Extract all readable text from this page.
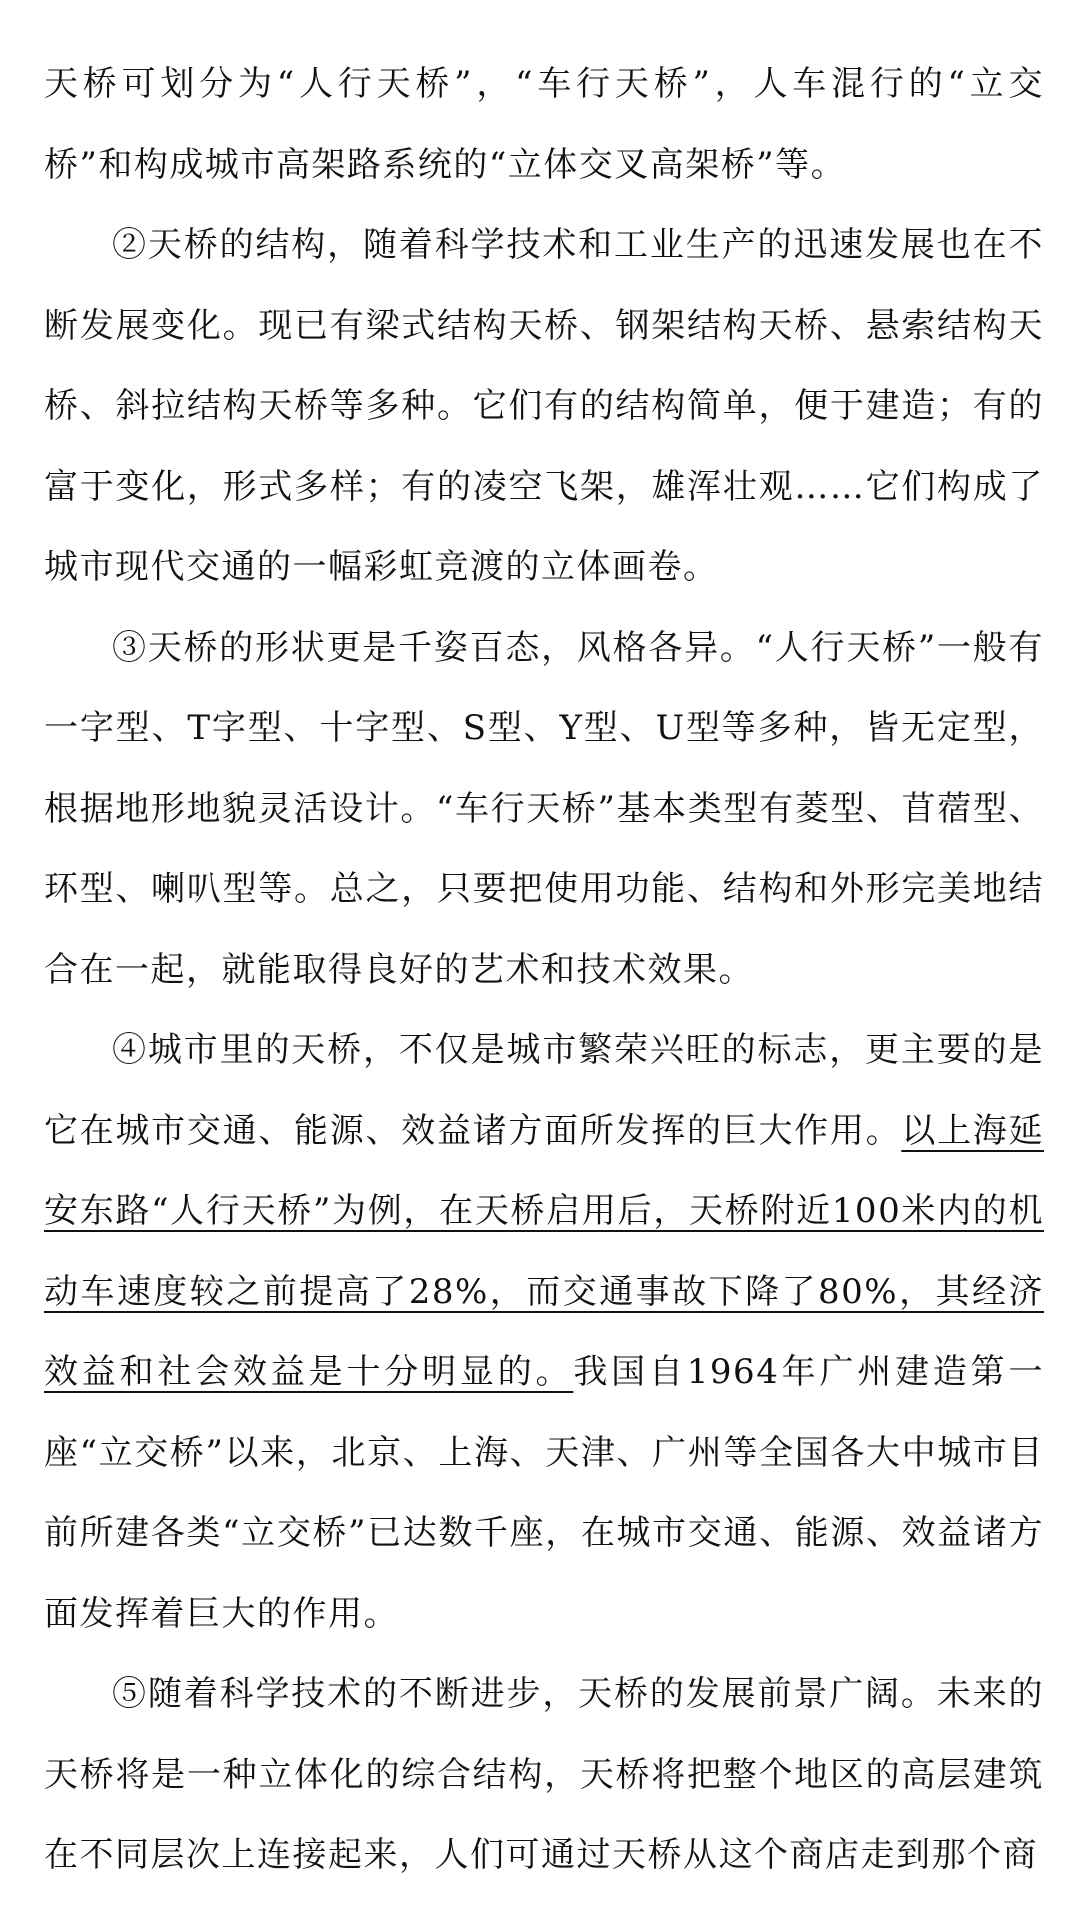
天桥可划分为“人行天桥”，“车行天桥”，人车混行的“立交桥”和构成城市高架路系统的“立体交叉高架桥”等。

②天桥的结构，随着科学技术和工业生产的迅速发展也在不断发展变化。现已有梁式结构天桥、钢架结构天桥、悬索结构天桥、斜拉结构天桥等多种。它们有的结构简单，便于建造；有的富于变化，形式多样；有的凌空飞架，雄浑壮观……它们构成了城市现代交通的一幅彩虹竞渡的立体画卷。

③天桥的形状更是千姿百态，风格各异。“人行天桥”一般有一字型、T字型、十字型、S型、Y型、U型等多种，皆无定型，根据地形地貌灵活设计。“车行天桥”基本类型有菱型、苜蓿型、环型、喇叭型等。总之，只要把使用功能、结构和外形完美地结合在一起，就能取得良好的艺术和技术效果。

④城市里的天桥，不仅是城市繁荣兴旺的标志，更主要的是它在城市交通、能源、效益诸方面所发挥的巨大作用。以上海延安东路“人行天桥”为例，在天桥启用后，天桥附近100米内的机动车速度较之前提高了28%，而交通事故下降了80%，其经济效益和社会效益是十分明显的。我国自1964年广州建造第一座“立交桥”以来，北京、上海、天津、广州等全国各大中城市目前所建各类“立交桥”已达数千座，在城市交通、能源、效益诸方面发挥着巨大的作用。

⑤随着科学技术的不断进步，天桥的发展前景广阔。未来的天桥将是一种立体化的综合结构，天桥将把整个地区的高层建筑在不同层次上连接起来，人们可通过天桥从这个商店走到那个商
